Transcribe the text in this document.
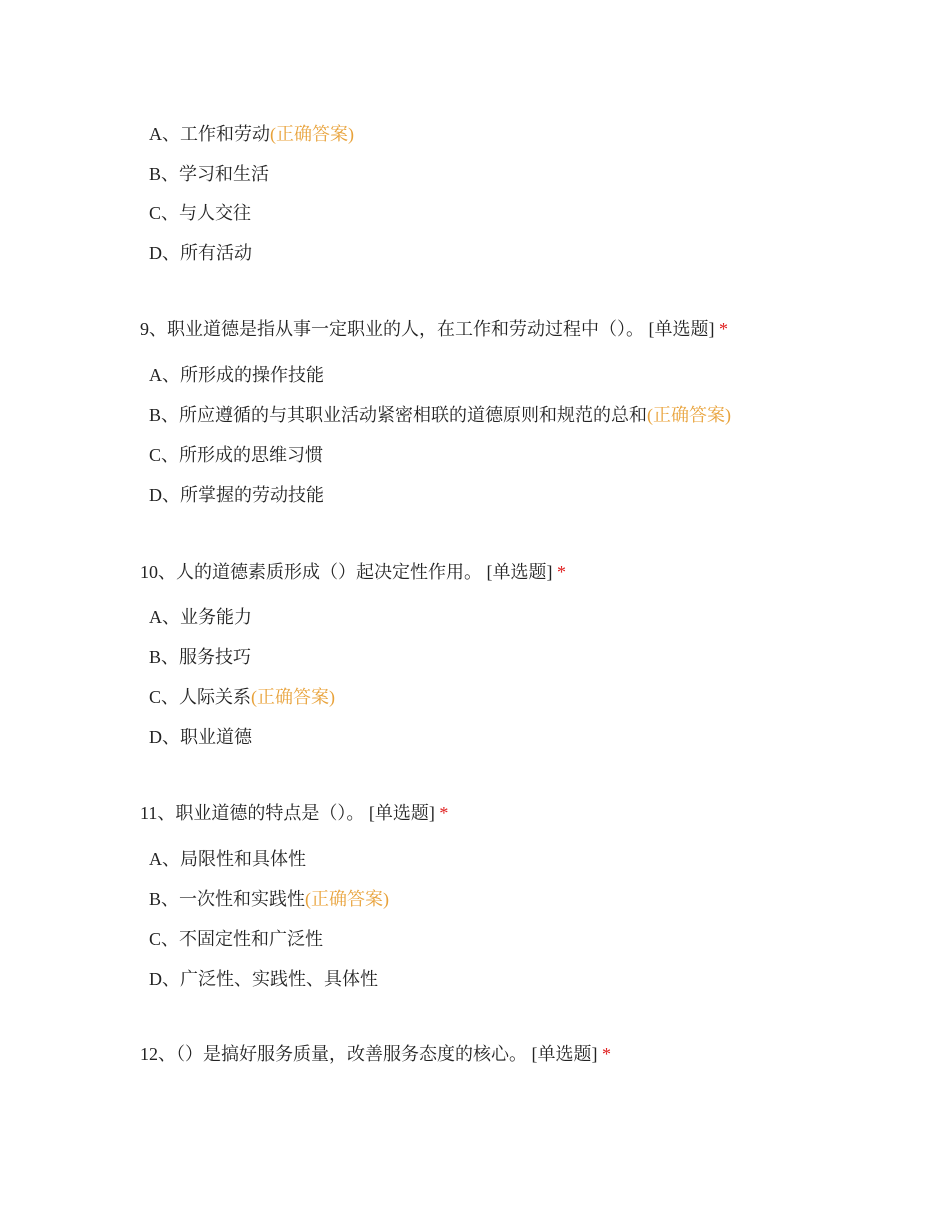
A、工作和劳动(正确答案)
B、学习和生活
C、与人交往
D、所有活动
9、职业道德是指从事一定职业的人，在工作和劳动过程中（）。 [单选题] *
A、所形成的操作技能
B、所应遵循的与其职业活动紧密相联的道德原则和规范的总和(正确答案)
C、所形成的思维习惯
D、所掌握的劳动技能
10、人的道德素质形成（）起决定性作用。 [单选题] *
A、业务能力
B、服务技巧
C、人际关系(正确答案)
D、职业道德
11、职业道德的特点是（）。 [单选题] *
A、局限性和具体性
B、一次性和实践性(正确答案)
C、不固定性和广泛性
D、广泛性、实践性、具体性
12、（）是搞好服务质量，改善服务态度的核心。 [单选题] *
